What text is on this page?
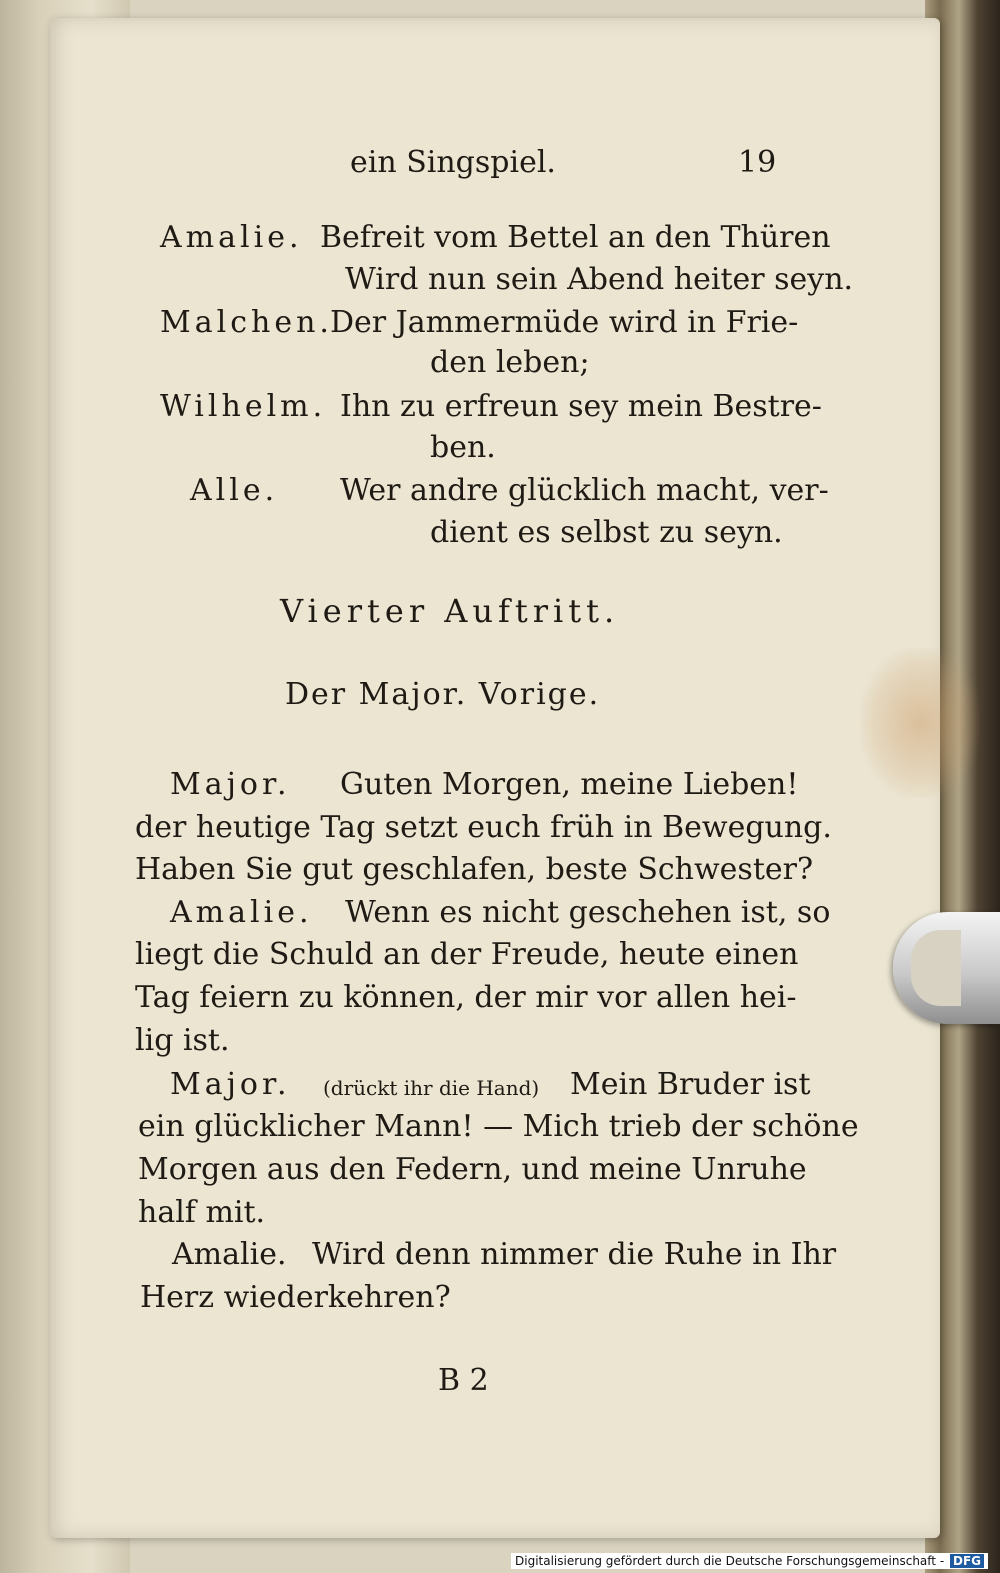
ein Singspiel.	19
Amalie. Befreit vom Bettel an den Thüren
Wird nun sein Abend heiter seyn.
Malchen.
Der Jammermüde wird in Frie-
den leben;
Wilhelm. Ihn zu erfreun sey mein Bestre-
ben.
Alle. Wer andre glücklich macht, ver-
dient es selbst zu seyn.
Vierter Auftritt.
Der Major. Vorige.
Major. Guten Morgen, meine Lieben!
der heutige Tag setzt euch früh in Bewegung.
Haben Sie gut geschlafen, beste Schwester?
Amalie. Wenn es nicht geschehen ist, so
liegt die Schuld an der Freude, heute einen
Tag feiern zu können, der mir vor allen hei-
lig ist.
Major. (drückt ihr die Hand) Mein Bruder ist
ein glücklicher Mann! — Mich trieb der schöne
Morgen aus den Federn, und meine Unruhe
half mit.
Amalie. Wird denn nimmer die Ruhe in Ihr
Herz wiederkehren?
B 2
Digitalisierung gefördert durch die Deutsche Forschungsgemeinschaft - DFG
